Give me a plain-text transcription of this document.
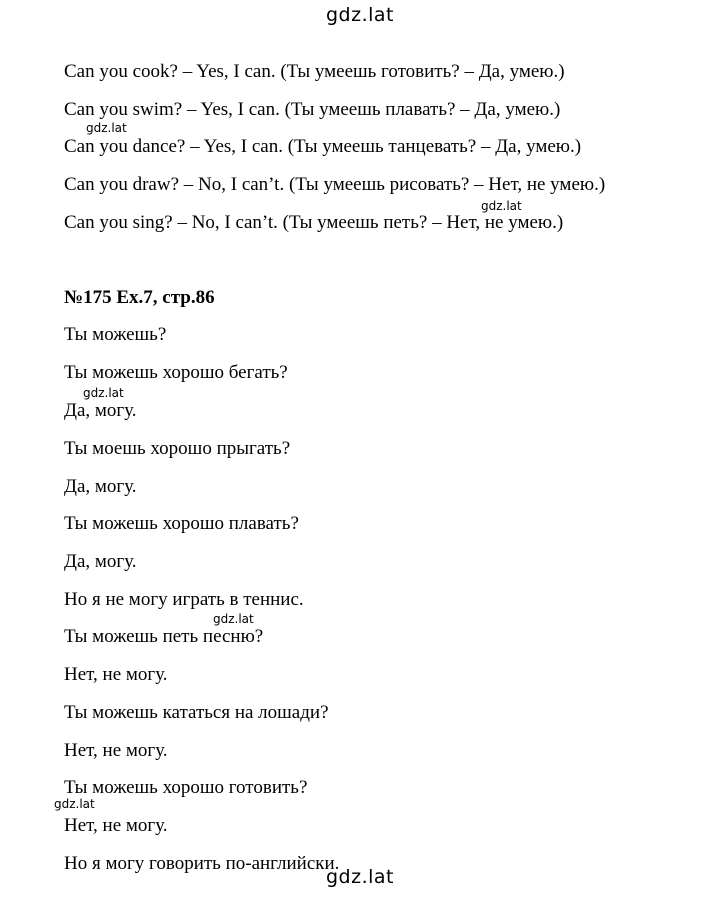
gdz.lat
Can you cook? – Yes, I can. (Ты умеешь готовить? – Да, умею.)
Can you swim? – Yes, I can. (Ты умеешь плавать? – Да, умею.)
gdz.lat
Can you dance? – Yes, I can. (Ты умеешь танцевать? – Да, умею.)
Can you draw? – No, I can’t. (Ты умеешь рисовать? – Нет, не умею.)
gdz.lat
Can you sing? – No, I can’t. (Ты умеешь петь? – Нет, не умею.)
№175 Ex.7, стр.86
Ты можешь?
Ты можешь хорошо бегать?
gdz.lat
Да, могу.
Ты моешь хорошо прыгать?
Да, могу.
Ты можешь хорошо плавать?
Да, могу.
Но я не могу играть в теннис.
gdz.lat
Ты можешь петь песню?
Нет, не могу.
Ты можешь кататься на лошади?
Нет, не могу.
Ты можешь хорошо готовить?
gdz.lat
Нет, не могу.
Но я могу говорить по-английски.
gdz.lat
